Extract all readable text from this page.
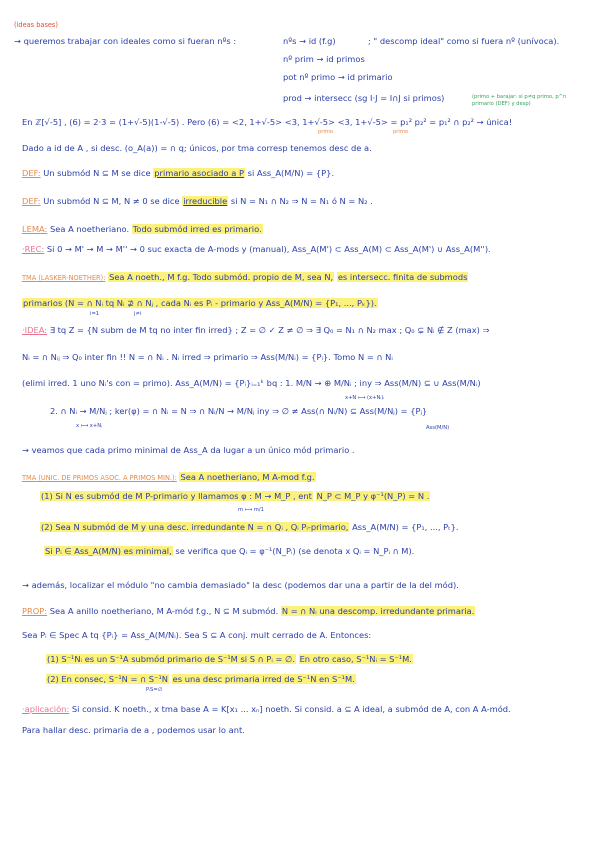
(ideas bases)
→ queremos trabajar con ideales como si fueran nºs :	nºs → id (f.g)	; " descomp ideal" como si fuera nº (unívoca).
nº prim → id primos
pot nº primo → id primario
prod → intersecc (sg I·J = I∩J si primos)	(primo + barajar: si p≠q primo, p^n primario (DEF) y desp)
En ℤ[√-5] , (6) = 2·3 = (1+√-5)(1-√-5) . Pero (6) = <2, 1+√-5> <3, 1+√-5> <3, 1+√-5> = p₁² p₂² = p₁² ∩ p₂² → única!
primo	primo
Dado a id de A , si desc. (o_A(a)) = ∩ q; únicos, por tma corresp tenemos desc de a.
DEF: Un submód N ⊆ M se dice primario asociado a P si Ass_A(M/N) = {P}.
DEF: Un submód N ⊆ M, N ≠ 0 se dice irreducible si N = N₁ ∩ N₂ ⇒ N = N₁ ó N = N₂ .
LEMA: Sea A noetheriano. Todo submód irred es primario.
·REC: Si 0 → M' → M → M'' → 0 suc exacta de A-mods y (manual), Ass_A(M') ⊂ Ass_A(M) ⊂ Ass_A(M') ∪ Ass_A(M'').
TMA (LASKER-NOETHER): Sea A noeth., M f.g. Todo submód. propio de M, sea N, es intersecc. finita de submods
primarios (N = ∩ Nᵢ tq Nᵢ ⊉ ∩ Nⱼ , cada Nᵢ es Pᵢ - primario y Ass_A(M/N) = {P₁, ..., Pₖ}).
i=1	j≠i
·IDEA: ∃ tq Z = {N subm de M tq no inter fin irred} ; Z = ∅ ✓ Z ≠ ∅ ⇒ ∃ Q₀ = N₁ ∩ N₂ max ; Q₀ ⊊ Nᵢ ∉ Z (max) ⇒
Nᵢ = ∩ Nᵢⱼ ⇒ Q₀ inter fin !! N = ∩ Nᵢ . Nᵢ irred ⇒ primario ⇒ Ass(M/Nᵢ) = {Pᵢ}. Tomo N = ∩ Nᵢ
(elimi irred. 1 uno Nᵢ's con = primo). Ass_A(M/N) = {Pᵢ}ᵢ₌₁ᵏ bq : 1. M/N → ⊕ M/Nᵢ ; iny ⇒ Ass(M/N) ⊆ ∪ Ass(M/Nᵢ)
x+N ⟼ (x+Nᵢ)ᵢ
2. ∩ Nᵢ → M/Nⱼ ; ker(φ) = ∩ Nᵢ = N ⇒ ∩ Nᵢ/N → M/Nⱼ iny ⇒ ∅ ≠ Ass(∩ Nᵢ/N) ⊆ Ass(M/Nⱼ) = {Pⱼ}
x ⟼ x+Nⱼ	Ass(M/N)
→ veamos que cada primo minimal de Ass_A da lugar a un único mód primario .
TMA (UNIC. DE PRIMOS ASOC. A PRIMOS MIN.): Sea A noetheriano, M A-mod f.g.
(1) Si N es submód de M P-primario y llamamos φ : M → M_P , ent N_P ⊂ M_P y φ⁻¹(N_P) = N .
m ⟼ m/1
(2) Sea N submód de M y una desc. irredundante N = ∩ Qᵢ , Qᵢ Pᵢ-primario, Ass_A(M/N) = {P₁, ..., Pₜ}.
Si Pᵢ ∈ Ass_A(M/N) es minimal, se verifica que Qᵢ = φ⁻¹(N_Pᵢ) (se denota x Qᵢ = N_Pᵢ ∩ M).
→ además, localizar el módulo "no cambia demasiado" la desc (podemos dar una a partir de la del mód).
PROP: Sea A anillo noetheriano, M A-mód f.g., N ⊆ M submód. N = ∩ Nᵢ una descomp. irredundante primaria.
Sea Pᵢ ∈ Spec A tq {Pᵢ} = Ass_A(M/Nᵢ). Sea S ⊆ A conj. mult cerrado de A. Entonces:
(1) S⁻¹Nᵢ es un S⁻¹A submód primario de S⁻¹M si S ∩ Pᵢ = ∅. En otro caso, S⁻¹Nᵢ = S⁻¹M.
(2) En consec, S⁻¹N = ∩ S⁻¹N es una desc primaria irred de S⁻¹N en S⁻¹M.
PᵢS=∅
·aplicación: Si consid. K noeth., x tma base A = K[x₁ ... xₙ] noeth. Si consid. a ⊆ A ideal, a submód de A, con A A-mód.
Para hallar desc. primaria de a , podemos usar lo ant.
